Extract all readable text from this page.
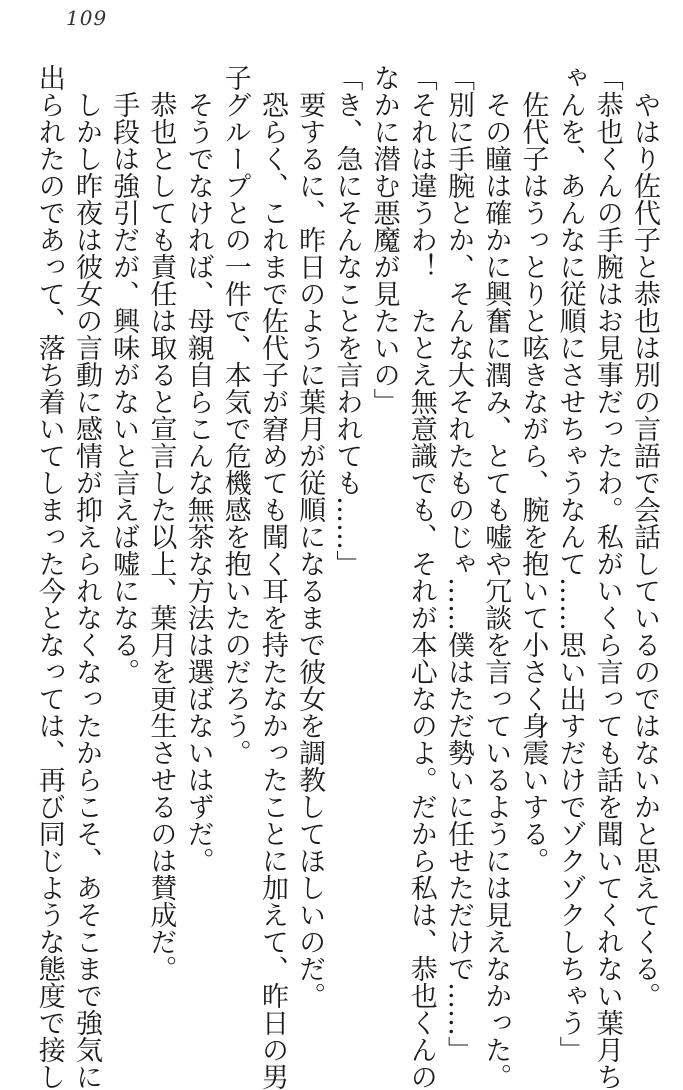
109
　やはり佐代子と恭也は別の言語で会話しているのではないかと思えてくる。
「恭也くんの手腕はお見事だったわ。私がいくら言っても話を聞いてくれない葉月ち
ゃんを、あんなに従順にさせちゃうなんて……思い出すだけでゾクゾクしちゃう」
　佐代子はうっとりと呟きながら、腕を抱いて小さく身震いする。
　その瞳は確かに興奮に潤み、とても嘘や冗談を言っているようには見えなかった。
「別に手腕とか、そんな大それたものじゃ……僕はただ勢いに任せただけで……」
「それは違うわ！　たとえ無意識でも、それが本心なのよ。だから私は、恭也くんの
なかに潜む悪魔が見たいの」
「き、急にそんなことを言われても……」
　要するに、昨日のように葉月が従順になるまで彼女を調教してほしいのだ。
　恐らく、これまで佐代子が窘めても聞く耳を持たなかったことに加えて、昨日の男
子グループとの一件で、本気で危機感を抱いたのだろう。
　そうでなければ、母親自らこんな無茶な方法は選ばないはずだ。
　恭也としても責任は取ると宣言した以上、葉月を更生させるのは賛成だ。
　手段は強引だが、興味がないと言えば嘘になる。
　しかし昨夜は彼女の言動に感情が抑えられなくなったからこそ、あそこまで強気に
出られたのであって、落ち着いてしまった今となっては、再び同じような態度で接し
